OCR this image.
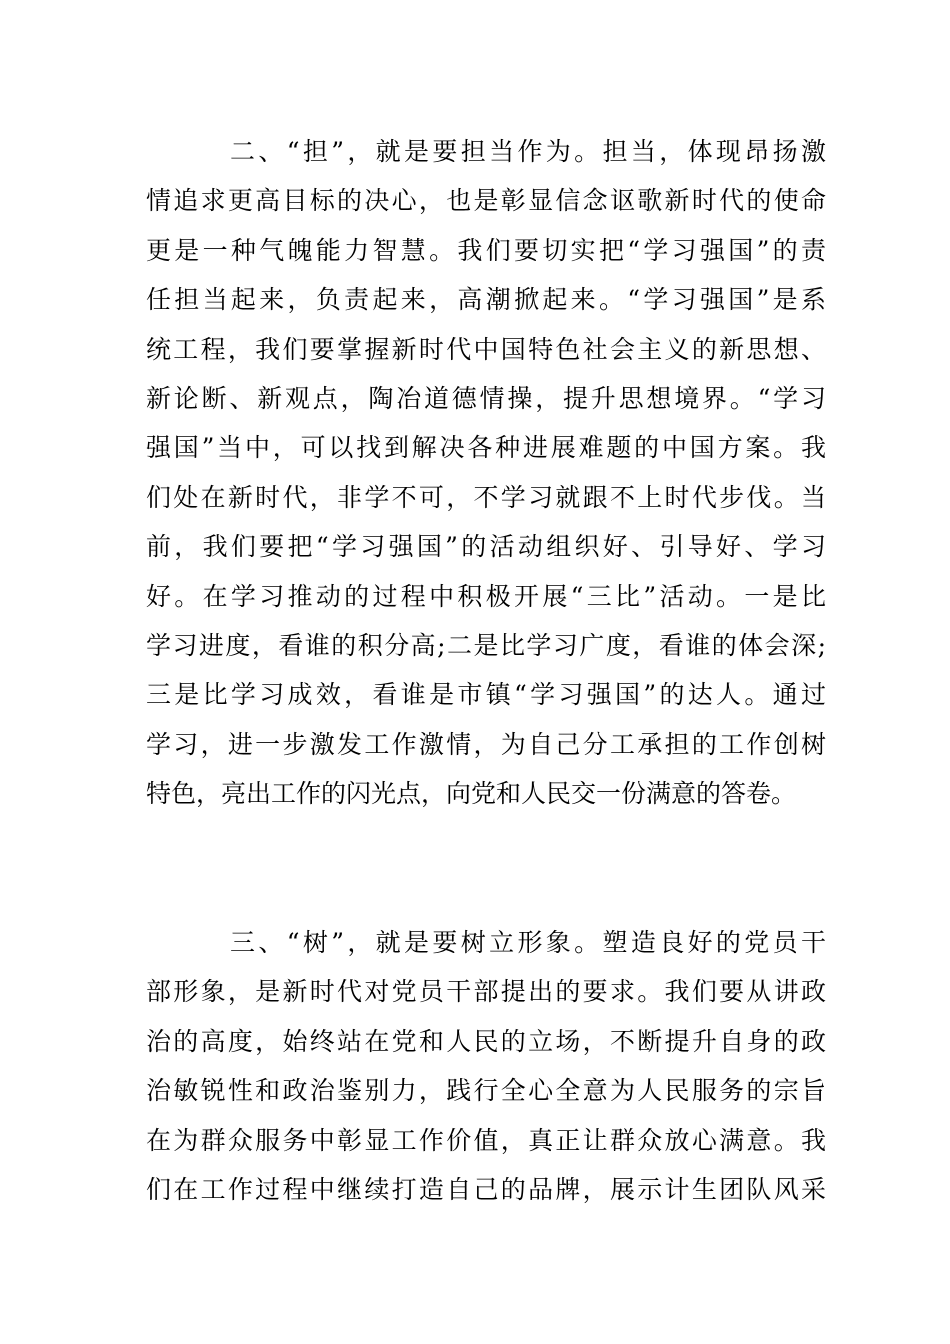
二、“担”，就是要担当作为。担当，体现昂扬激
情追求更高目标的决心，也是彰显信念讴歌新时代的使命
更是一种气魄能力智慧。我们要切实把“学习强国”的责
任担当起来，负责起来，高潮掀起来。“学习强国”是系
统工程，我们要掌握新时代中国特色社会主义的新思想、
新论断、新观点，陶冶道德情操，提升思想境界。“学习
强国”当中，可以找到解决各种进展难题的中国方案。我
们处在新时代，非学不可，不学习就跟不上时代步伐。当
前，我们要把“学习强国”的活动组织好、引导好、学习
好。在学习推动的过程中积极开展“三比”活动。一是比
学习进度，看谁的积分高;二是比学习广度，看谁的体会深;
三是比学习成效，看谁是市镇“学习强国”的达人。通过
学习，进一步激发工作激情，为自己分工承担的工作创树
特色，亮出工作的闪光点，向党和人民交一份满意的答卷。
三、“树”，就是要树立形象。塑造良好的党员干
部形象，是新时代对党员干部提出的要求。我们要从讲政
治的高度，始终站在党和人民的立场，不断提升自身的政
治敏锐性和政治鉴别力，践行全心全意为人民服务的宗旨
在为群众服务中彰显工作价值，真正让群众放心满意。我
们在工作过程中继续打造自己的品牌，展示计生团队风采
